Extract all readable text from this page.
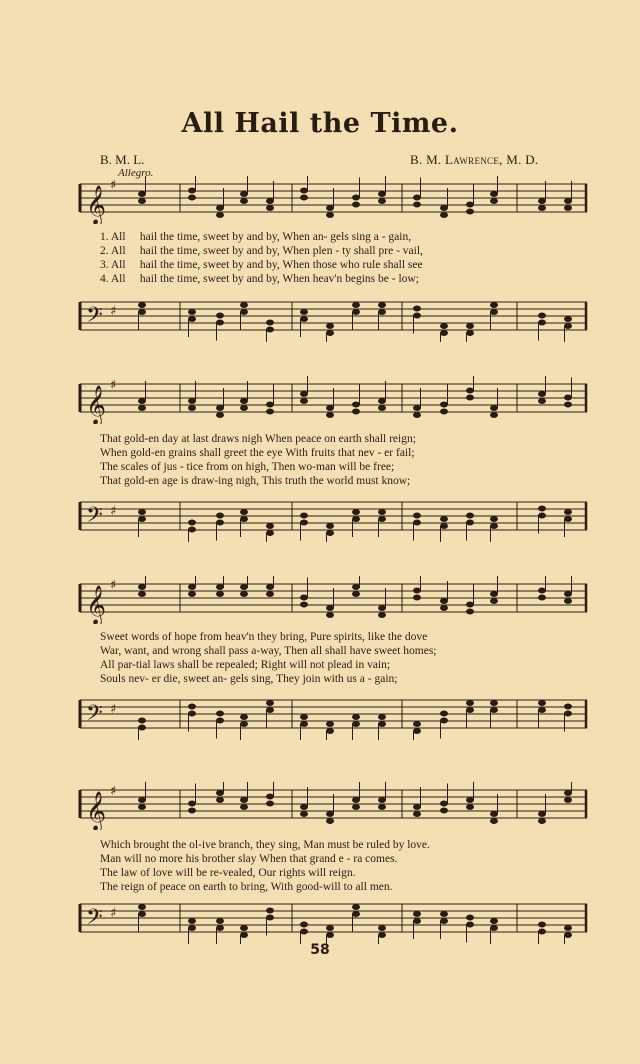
All Hail the Time.
B. M. L.	B. M. Lawrence, M. D.
Allegro.
𝄞 ♯
1. All     hail the time, sweet by and by, When an- gels sing a - gain,
2. All     hail the time, sweet by and by, When plen - ty shall pre - vail,
3. All     hail the time, sweet by and by, When those who rule shall see
4. All     hail the time, sweet by and by, When heav'n begins be - low;
𝄢 ♯
𝄞 ♯
That gold-en day at last draws nigh When peace on earth shall reign;
When gold-en grains shall greet the eye With fruits that nev - er fail;
The scales of jus - tice from on high, Then wo-man will be free;
That gold-en age is draw-ing nigh, This truth the world must know;
𝄢 ♯
𝄞 ♯
Sweet words of hope from heav'n they bring, Pure spirits, like the dove
War, want, and wrong shall pass a-way, Then all shall have sweet homes;
All par-tial laws shall be repealed; Right will not plead in vain;
Souls nev- er die, sweet an- gels sing, They join with us a - gain;
𝄢 ♯
𝄞 ♯
Which brought the ol-ive branch, they sing, Man must be ruled by love.
Man will no more his brother slay When that grand e - ra comes.
The law of love will be re-vealed, Our rights will reign.
The reign of peace on earth to bring, With good-will to all men.
𝄢 ♯
58
